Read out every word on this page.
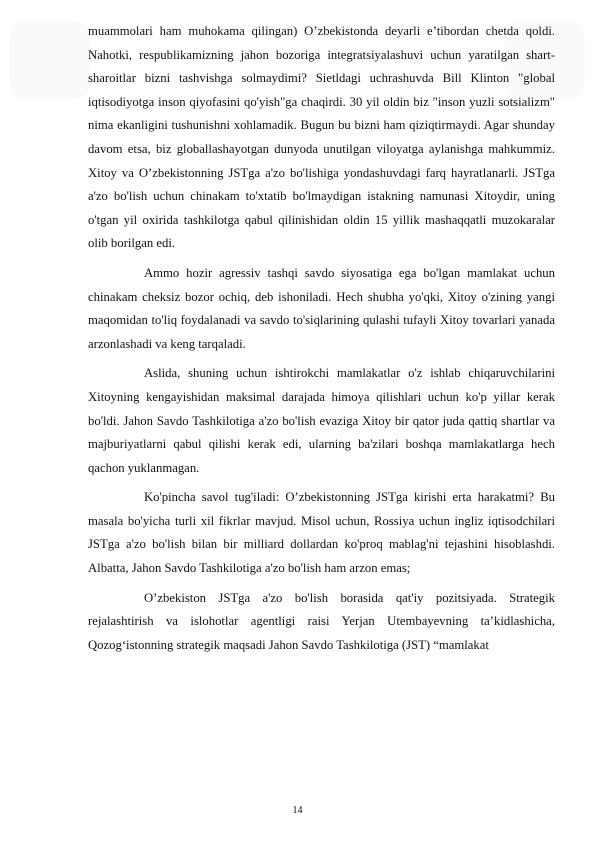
muammolari ham muhokama qilingan) O’zbekistonda deyarli e’tibordan chetda qoldi. Nahotki, respublikamizning jahon bozoriga integratsiyalashuvi uchun yaratilgan shart-sharoitlar bizni tashvishga solmaydimi? Sietldagi uchrashuvda Bill Klinton "global iqtisodiyotga inson qiyofasini qo'yish"ga chaqirdi. 30 yil oldin biz "inson yuzli sotsializm" nima ekanligini tushunishni xohlamadik. Bugun bu bizni ham qiziqtirmaydi. Agar shunday davom etsa, biz globallashayotgan dunyoda unutilgan viloyatga aylanishga mahkummiz. Xitoy va O’zbekistonning JSTga a'zo bo'lishiga yondashuvdagi farq hayratlanarli. JSTga a'zo bo'lish uchun chinakam to'xtatib bo'lmaydigan istakning namunasi Xitoydir, uning o'tgan yil oxirida tashkilotga qabul qilinishidan oldin 15 yillik mashaqqatli muzokaralar olib borilgan edi.

Ammo hozir agressiv tashqi savdo siyosatiga ega bo'lgan mamlakat uchun chinakam cheksiz bozor ochiq, deb ishoniladi. Hech shubha yo'qki, Xitoy o'zining yangi maqomidan to'liq foydalanadi va savdo to'siqlarining qulashi tufayli Xitoy tovarlari yanada arzonlashadi va keng tarqaladi.

Aslida, shuning uchun ishtirokchi mamlakatlar o'z ishlab chiqaruvchilarini Xitoyning kengayishidan maksimal darajada himoya qilishlari uchun ko'p yillar kerak bo'ldi. Jahon Savdo Tashkilotiga a'zo bo'lish evaziga Xitoy bir qator juda qattiq shartlar va majburiyatlarni qabul qilishi kerak edi, ularning ba'zilari boshqa mamlakatlarga hech qachon yuklanmagan.

Ko'pincha savol tug'iladi: O’zbekistonning JSTga kirishi erta harakatmi? Bu masala bo'yicha turli xil fikrlar mavjud. Misol uchun, Rossiya uchun ingliz iqtisodchilari JSTga a'zo bo'lish bilan bir milliard dollardan ko'proq mablag'ni tejashini hisoblashdi. Albatta, Jahon Savdo Tashkilotiga a'zo bo'lish ham arzon emas;

O’zbekiston JSTga a'zo bo'lish borasida qat'iy pozitsiyada. Strategik rejalashtirish va islohotlar agentligi raisi Yerjan Utembayevning taʼkidlashicha, Qozogʻistonning strategik maqsadi Jahon Savdo Tashkilotiga (JST) “mamlakat

14
